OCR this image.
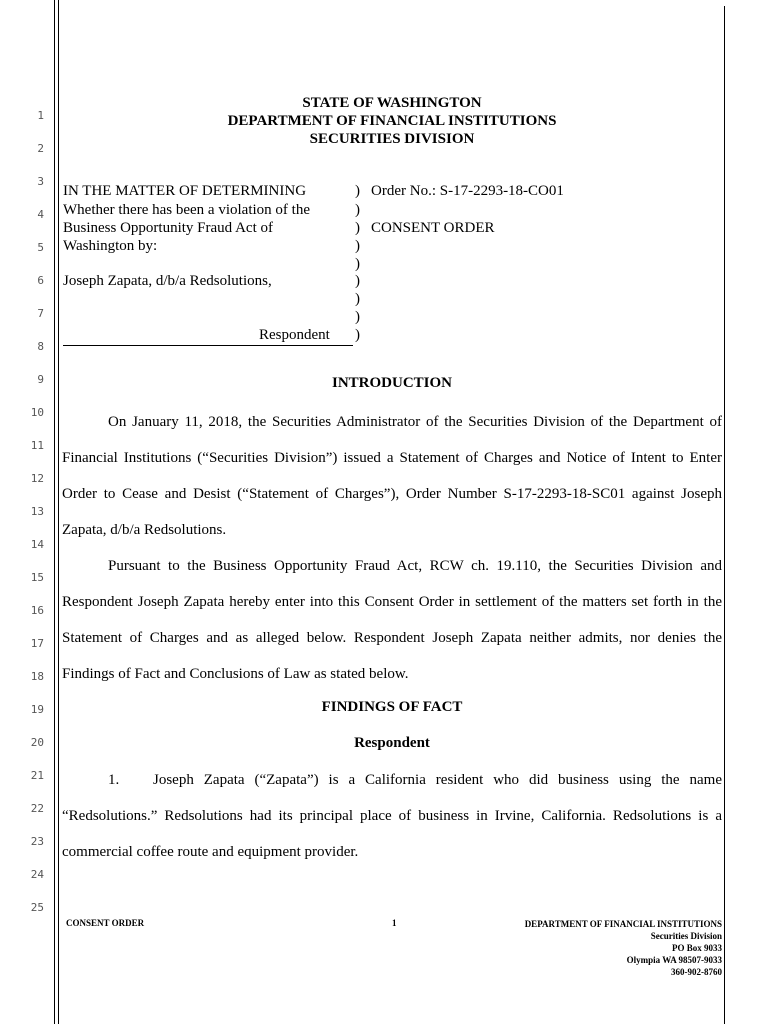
1
2
3
4
5
6
7
8
9
10
11
12
13
14
15
16
17
18
19
20
21
22
23
24
25
STATE OF WASHINGTON
DEPARTMENT OF FINANCIAL INSTITUTIONS
SECURITIES DIVISION
IN THE MATTER OF DETERMINING
Whether there has been a violation of the
Business Opportunity Fraud Act of
Washington by:
Joseph Zapata, d/b/a Redsolutions,
Respondent
)
)
)
)
)
)
)
)
)
Order No.: S-17-2293-18-CO01
CONSENT ORDER
INTRODUCTION
On January 11, 2018, the Securities Administrator of the Securities Division of the Department of Financial Institutions (“Securities Division”) issued a Statement of Charges and Notice of Intent to Enter Order to Cease and Desist (“Statement of Charges”), Order Number S-17-2293-18-SC01 against Joseph Zapata, d/b/a Redsolutions.
Pursuant to the Business Opportunity Fraud Act, RCW ch. 19.110, the Securities Division and Respondent Joseph Zapata hereby enter into this Consent Order in settlement of the matters set forth in the Statement of Charges and as alleged below. Respondent Joseph Zapata neither admits, nor denies the Findings of Fact and Conclusions of Law as stated below.
FINDINGS OF FACT
Respondent
1. Joseph Zapata (“Zapata”) is a California resident who did business using the name “Redsolutions.” Redsolutions had its principal place of business in Irvine, California. Redsolutions is a commercial coffee route and equipment provider.
CONSENT ORDER	1	DEPARTMENT OF FINANCIAL INSTITUTIONS
Securities Division
PO Box 9033
Olympia WA 98507-9033
360-902-8760
